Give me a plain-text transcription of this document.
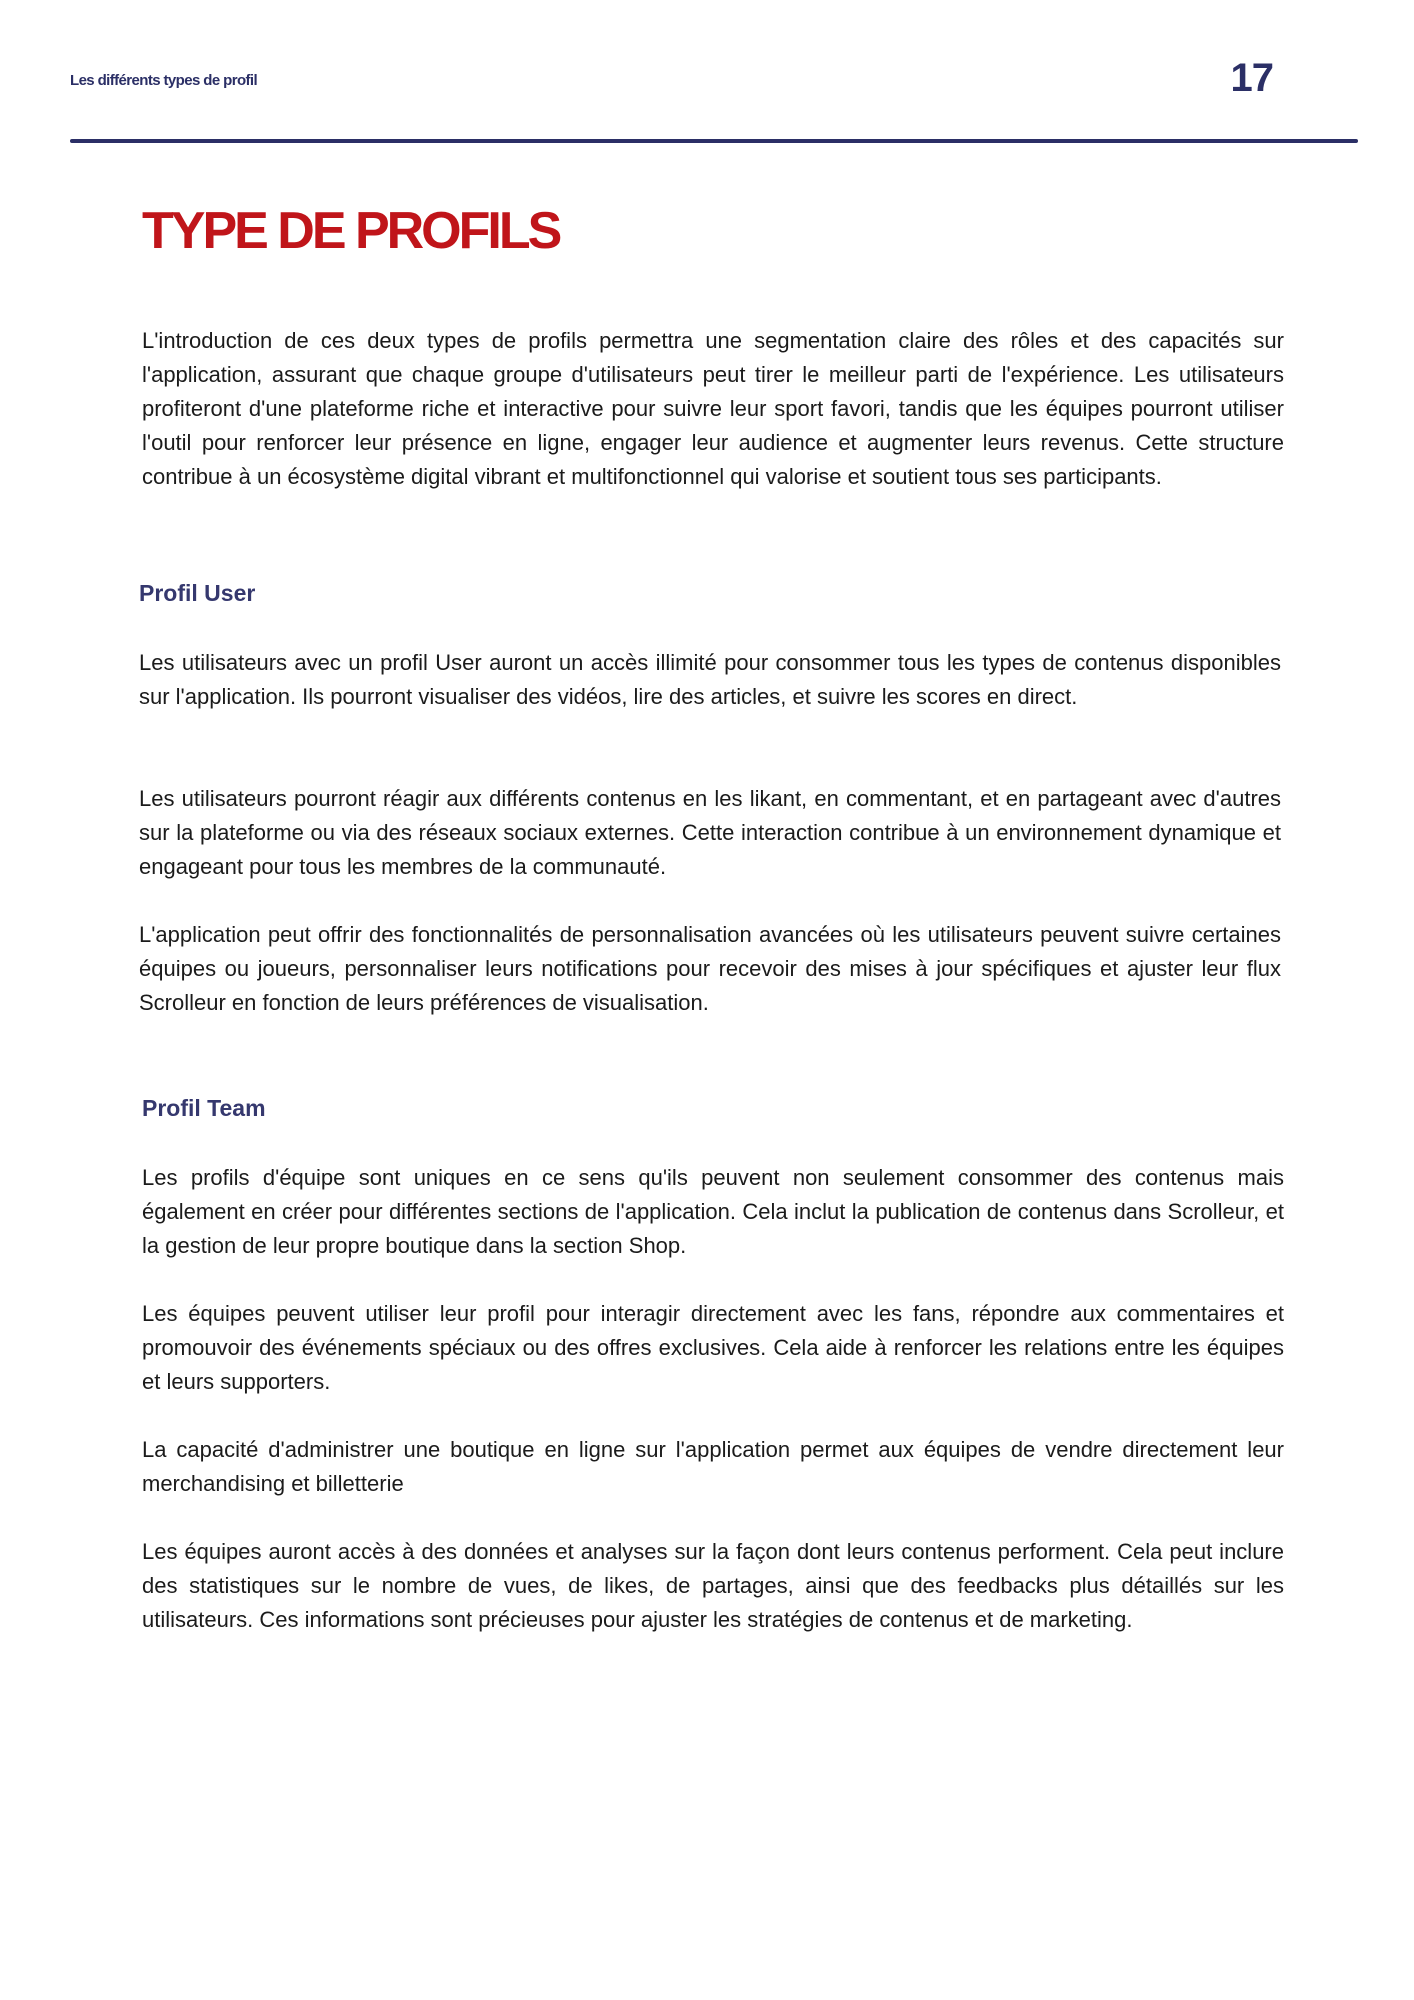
Les différents types de profil	17
TYPE DE PROFILS

L'introduction de ces deux types de profils permettra une segmentation claire des rôles et des capacités sur l'application, assurant que chaque groupe d'utilisateurs peut tirer le meilleur parti de l'expérience. Les utilisateurs profiteront d'une plateforme riche et interactive pour suivre leur sport favori, tandis que les équipes pourront utiliser l'outil pour renforcer leur présence en ligne, engager leur audience et augmenter leurs revenus. Cette structure contribue à un écosystème digital vibrant et multifonctionnel qui valorise et soutient tous ses participants.

Profil User

Les utilisateurs avec un profil User auront un accès illimité pour consommer tous les types de contenus disponibles sur l'application. Ils pourront visualiser des vidéos, lire des articles, et suivre les scores en direct.

Les utilisateurs pourront réagir aux différents contenus en les likant, en commentant, et en partageant avec d'autres sur la plateforme ou via des réseaux sociaux externes. Cette interaction contribue à un environnement dynamique et engageant pour tous les membres de la communauté.

L'application peut offrir des fonctionnalités de personnalisation avancées où les utilisateurs peuvent suivre certaines équipes ou joueurs, personnaliser leurs notifications pour recevoir des mises à jour spécifiques et ajuster leur flux Scrolleur en fonction de leurs préférences de visualisation.

Profil Team

Les profils d'équipe sont uniques en ce sens qu'ils peuvent non seulement consommer des contenus mais également en créer pour différentes sections de l'application. Cela inclut la publication de contenus dans Scrolleur, et la gestion de leur propre boutique dans la section Shop.

Les équipes peuvent utiliser leur profil pour interagir directement avec les fans, répondre aux commentaires et promouvoir des événements spéciaux ou des offres exclusives. Cela aide à renforcer les relations entre les équipes et leurs supporters.

La capacité d'administrer une boutique en ligne sur l'application permet aux équipes de vendre directement leur merchandising et billetterie

Les équipes auront accès à des données et analyses sur la façon dont leurs contenus performent. Cela peut inclure des statistiques sur le nombre de vues, de likes, de partages, ainsi que des feedbacks plus détaillés sur les utilisateurs. Ces informations sont précieuses pour ajuster les stratégies de contenus et de marketing.
